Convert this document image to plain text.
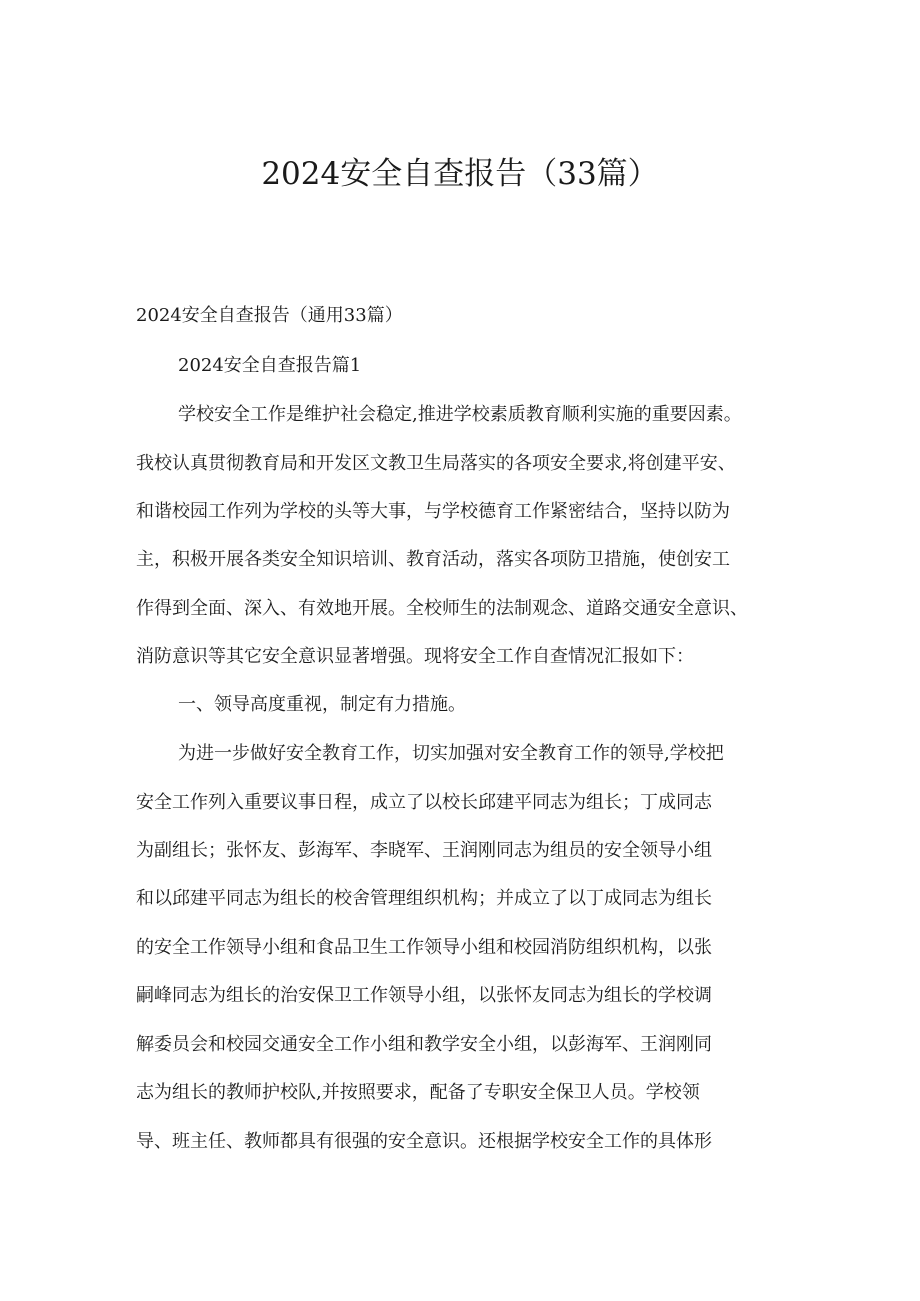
2024安全自查报告（33篇）
2024安全自查报告（通用33篇）
2024安全自查报告篇1
学校安全工作是维护社会稳定,推进学校素质教育顺利实施的重要因素。
我校认真贯彻教育局和开发区文教卫生局落实的各项安全要求,将创建平安、
和谐校园工作列为学校的头等大事，与学校德育工作紧密结合，坚持以防为
主，积极开展各类安全知识培训、教育活动，落实各项防卫措施，使创安工
作得到全面、深入、有效地开展。全校师生的法制观念、道路交通安全意识、
消防意识等其它安全意识显著增强。现将安全工作自查情况汇报如下：
一、领导高度重视，制定有力措施。
为进一步做好安全教育工作，切实加强对安全教育工作的领导,学校把
安全工作列入重要议事日程，成立了以校长邱建平同志为组长；丁成同志
为副组长；张怀友、彭海军、李晓军、王润刚同志为组员的安全领导小组
和以邱建平同志为组长的校舍管理组织机构；并成立了以丁成同志为组长
的安全工作领导小组和食品卫生工作领导小组和校园消防组织机构，以张
嗣峰同志为组长的治安保卫工作领导小组，以张怀友同志为组长的学校调
解委员会和校园交通安全工作小组和教学安全小组，以彭海军、王润刚同
志为组长的教师护校队,并按照要求，配备了专职安全保卫人员。学校领
导、班主任、教师都具有很强的安全意识。还根据学校安全工作的具体形
